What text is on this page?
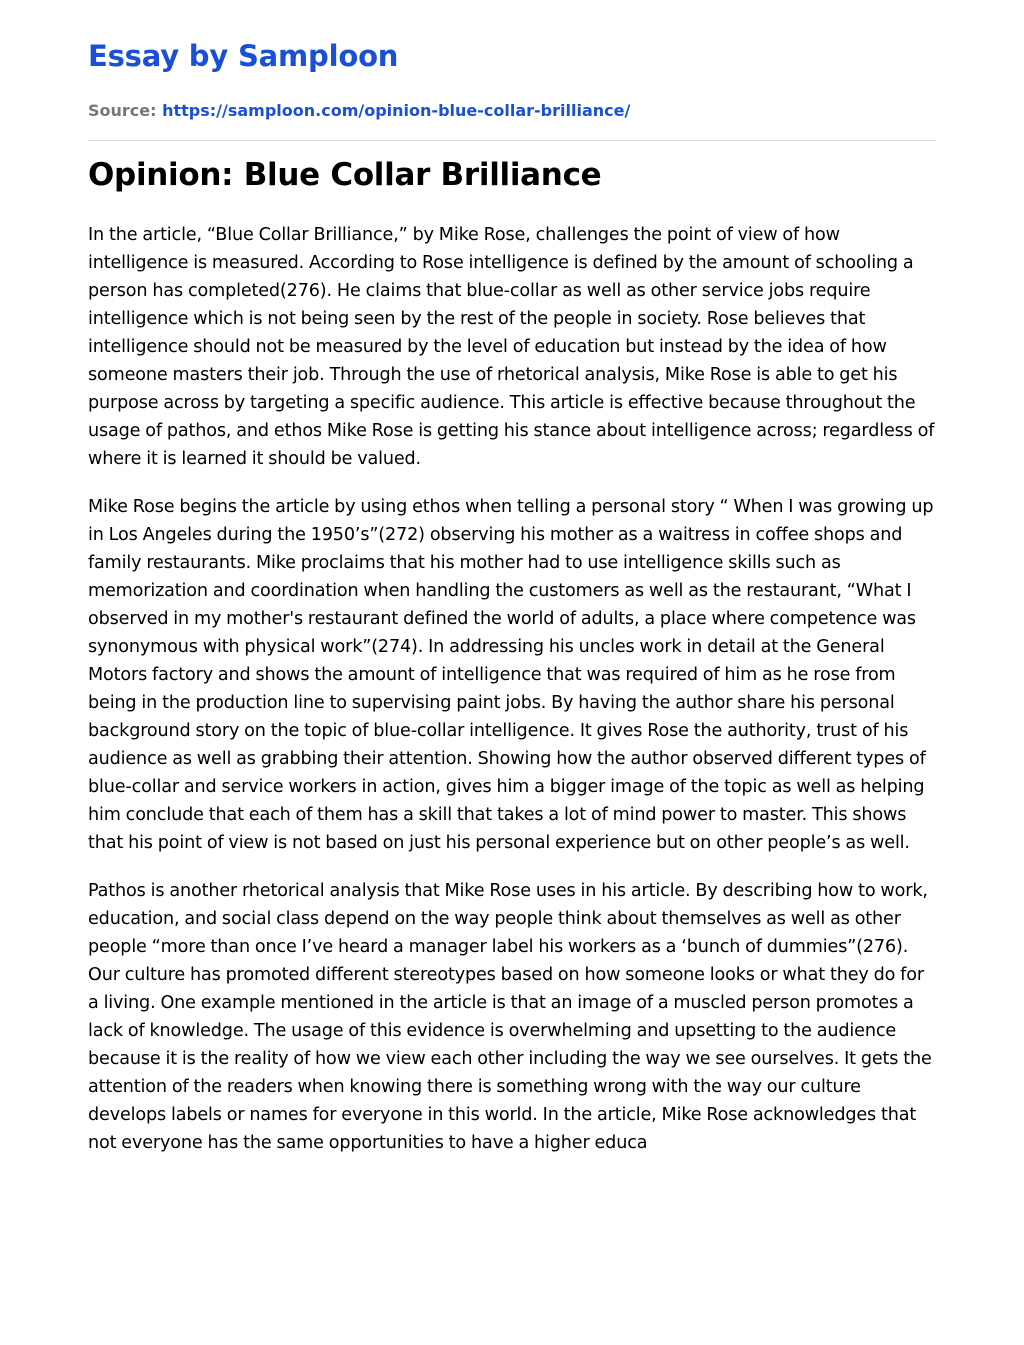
Essay by Samploon
Source: https://samploon.com/opinion-blue-collar-brilliance/
Opinion: Blue Collar Brilliance

In the article, “Blue Collar Brilliance,” by Mike Rose, challenges the point of view of how intelligence is measured. According to Rose intelligence is defined by the amount of schooling a person has completed(276). He claims that blue-collar as well as other service jobs require intelligence which is not being seen by the rest of the people in society. Rose believes that intelligence should not be measured by the level of education but instead by the idea of how someone masters their job. Through the use of rhetorical analysis, Mike Rose is able to get his purpose across by targeting a specific audience. This article is effective because throughout the usage of pathos, and ethos Mike Rose is getting his stance about intelligence across; regardless of where it is learned it should be valued.

Mike Rose begins the article by using ethos when telling a personal story “ When I was growing up in Los Angeles during the 1950’s”(272) observing his mother as a waitress in coffee shops and family restaurants. Mike proclaims that his mother had to use intelligence skills such as memorization and coordination when handling the customers as well as the restaurant, “What I observed in my mother's restaurant defined the world of adults, a place where competence was synonymous with physical work”(274). In addressing his uncles work in detail at the General Motors factory and shows the amount of intelligence that was required of him as he rose from being in the production line to supervising paint jobs. By having the author share his personal background story on the topic of blue-collar intelligence. It gives Rose the authority, trust of his audience as well as grabbing their attention. Showing how the author observed different types of blue-collar and service workers in action, gives him a bigger image of the topic as well as helping him conclude that each of them has a skill that takes a lot of mind power to master. This shows that his point of view is not based on just his personal experience but on other people’s as well.

Pathos is another rhetorical analysis that Mike Rose uses in his article. By describing how to work, education, and social class depend on the way people think about themselves as well as other people “more than once I’ve heard a manager label his workers as a ‘bunch of dummies”(276). Our culture has promoted different stereotypes based on how someone looks or what they do for a living. One example mentioned in the article is that an image of a muscled person promotes a lack of knowledge. The usage of this evidence is overwhelming and upsetting to the audience because it is the reality of how we view each other including the way we see ourselves. It gets the attention of the readers when knowing there is something wrong with the way our culture develops labels or names for everyone in this world. In the article, Mike Rose acknowledges that not everyone has the same opportunities to have a higher educa
